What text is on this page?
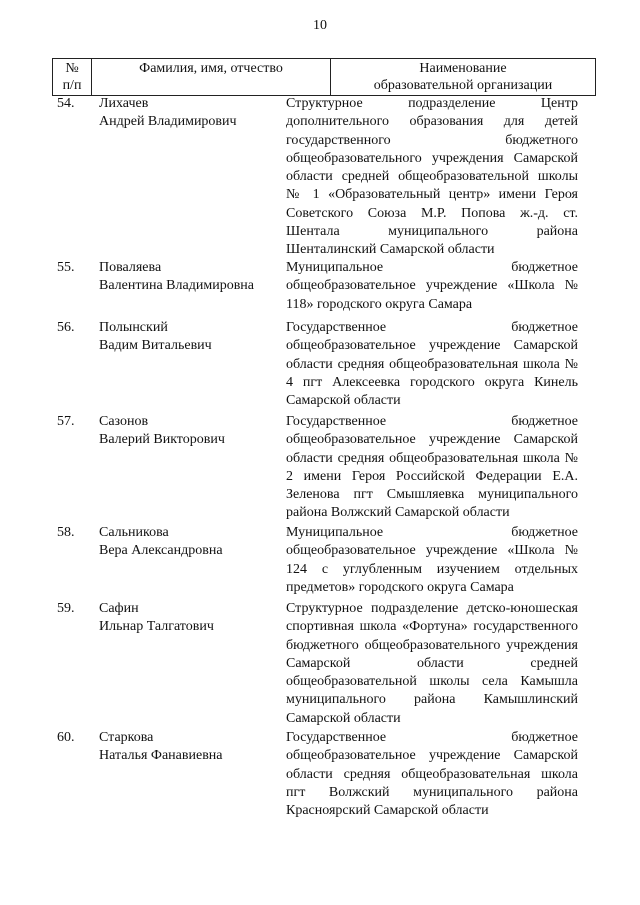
10
№
п/п
Фамилия, имя, отчество	Наименование
образовательной организации
54. Лихачев
Андрей Владимирович
Структурное подразделение Центр дополнительного образования для детей государственного бюджетного общеобразовательного учреждения Самарской области средней общеобразовательной школы № 1 «Образовательный центр» имени Героя Советского Союза М.Р. Попова ж.-д. ст. Шентала муниципального района Шенталинский Самарской области
55. Поваляева
Валентина Владимировна
Муниципальное бюджетное общеобразовательное учреждение «Школа № 118» городского округа Самара
56. Полынский
Вадим Витальевич
Государственное бюджетное общеобразовательное учреждение Самарской области средняя общеобразовательная школа № 4 пгт Алексеевка городского округа Кинель Самарской области
57. Сазонов
Валерий Викторович
Государственное бюджетное общеобразовательное учреждение Самарской области средняя общеобразовательная школа № 2 имени Героя Российской Федерации Е.А. Зеленова пгт Смышляевка муниципального района Волжский Самарской области
58. Сальникова
Вера Александровна
Муниципальное бюджетное общеобразовательное учреждение «Школа № 124 с углубленным изучением отдельных предметов» городского округа Самара
59. Сафин
Ильнар Талгатович
Структурное подразделение детско-юношеская спортивная школа «Фортуна» государственного бюджетного общеобразовательного учреждения Самарской области средней общеобразовательной школы села Камышла муниципального района Камышлинский Самарской области
60. Старкова
Наталья Фанавиевна
Государственное бюджетное общеобразовательное учреждение Самарской области средняя общеобразовательная школа пгт Волжский муниципального района Красноярский Самарской области
